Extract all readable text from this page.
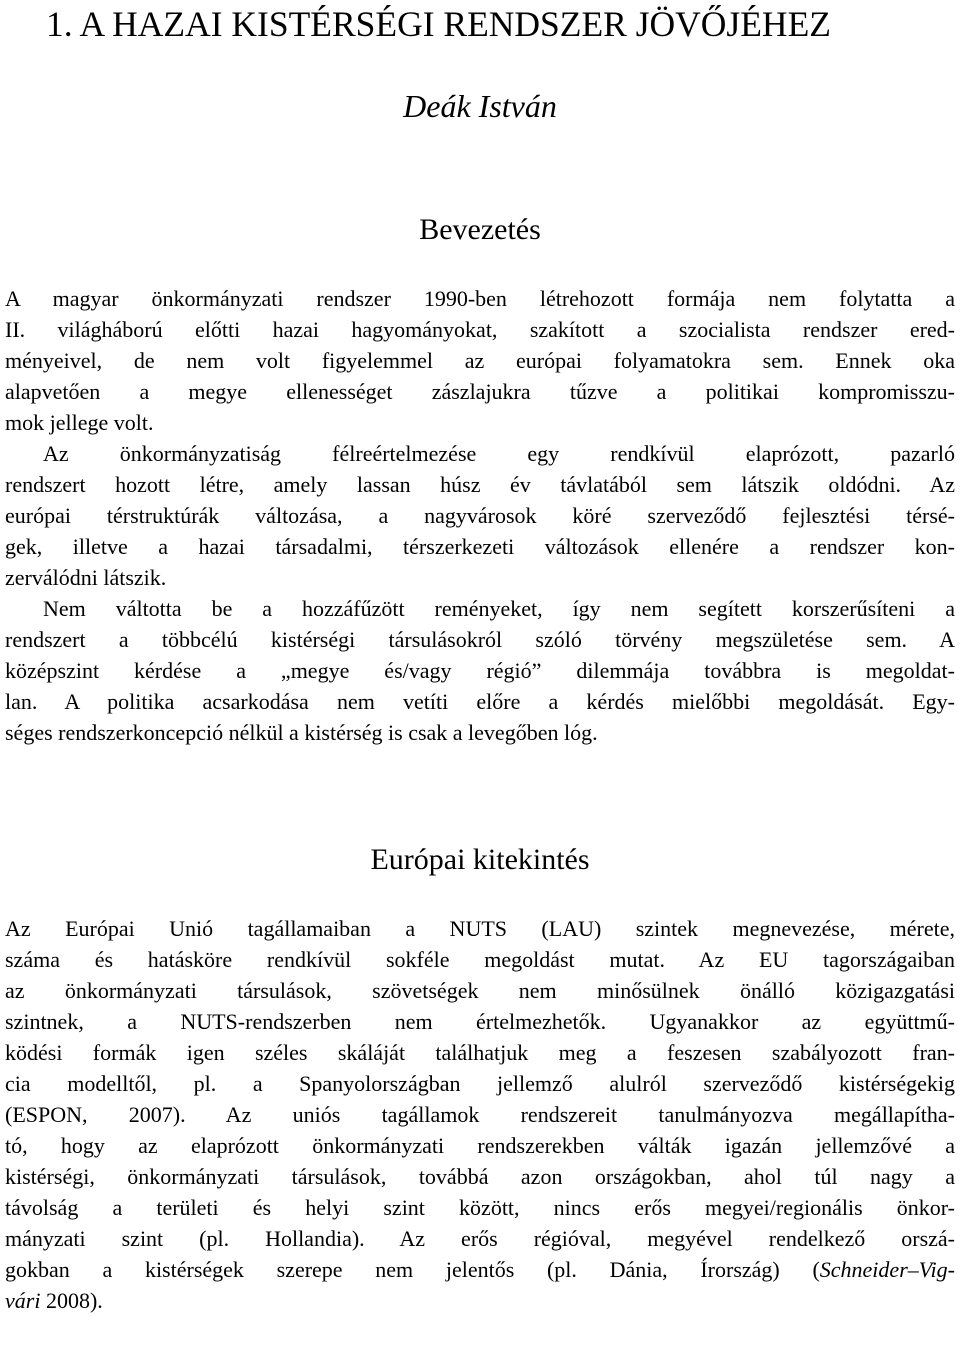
1. A HAZAI KISTÉRSÉGI RENDSZER JÖVŐJÉHEZ

Deák István

Bevezetés
A magyar önkormányzati rendszer 1990-ben létrehozott formája nem folytatta a
II. világháború előtti hazai hagyományokat, szakított a szocialista rendszer ered-
ményeivel, de nem volt figyelemmel az európai folyamatokra sem. Ennek oka
alapvetően a megye ellenességet zászlajukra tűzve a politikai kompromisszu-
mok jellege volt.
Az önkormányzatiság félreértelmezése egy rendkívül elaprózott, pazarló
rendszert hozott létre, amely lassan húsz év távlatából sem látszik oldódni. Az
európai térstruktúrák változása, a nagyvárosok köré szerveződő fejlesztési térsé-
gek, illetve a hazai társadalmi, térszerkezeti változások ellenére a rendszer kon-
zerválódni látszik.
Nem váltotta be a hozzáfűzött reményeket, így nem segített korszerűsíteni a
rendszert a többcélú kistérségi társulásokról szóló törvény megszületése sem. A
középszint kérdése a „megye és/vagy régió” dilemmája továbbra is megoldat-
lan. A politika acsarkodása nem vetíti előre a kérdés mielőbbi megoldását. Egy-
séges rendszerkoncepció nélkül a kistérség is csak a levegőben lóg.
Európai kitekintés
Az Európai Unió tagállamaiban a NUTS (LAU) szintek megnevezése, mérete,
száma és hatásköre rendkívül sokféle megoldást mutat. Az EU tagországaiban
az önkormányzati társulások, szövetségek nem minősülnek önálló közigazgatási
szintnek, a NUTS-rendszerben nem értelmezhetők. Ugyanakkor az együttmű-
ködési formák igen széles skáláját találhatjuk meg a feszesen szabályozott fran-
cia modelltől, pl. a Spanyolországban jellemző alulról szerveződő kistérségekig
(ESPON, 2007). Az uniós tagállamok rendszereit tanulmányozva megállapítha-
tó, hogy az elaprózott önkormányzati rendszerekben válták igazán jellemzővé a
kistérségi, önkormányzati társulások, továbbá azon országokban, ahol túl nagy a
távolság a területi és helyi szint között, nincs erős megyei/regionális önkor-
mányzati szint (pl. Hollandia). Az erős régióval, megyével rendelkező orszá-
gokban a kistérségek szerepe nem jelentős (pl. Dánia, Írország) (Schneider–Vig-
vári 2008).
